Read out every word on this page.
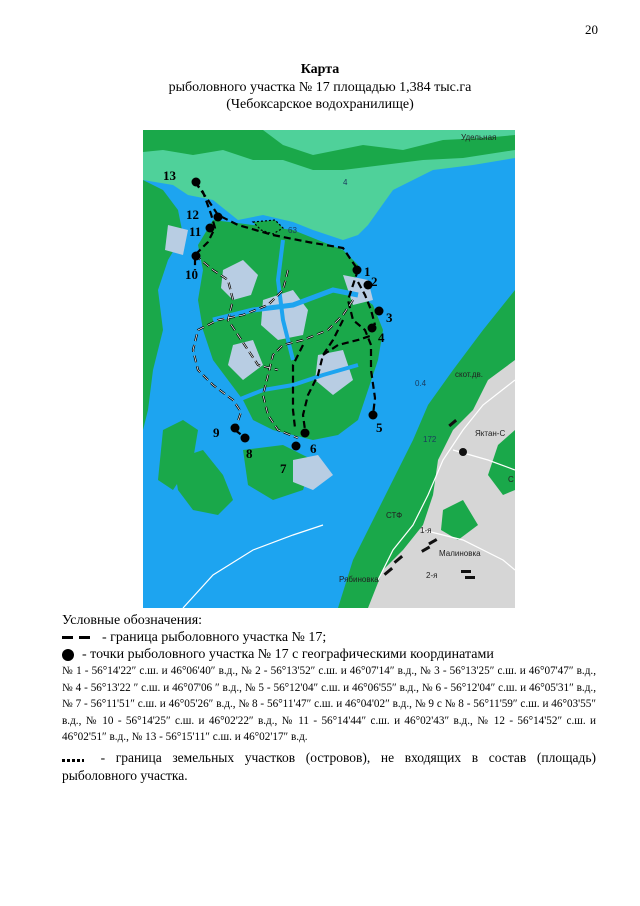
20
Карта
рыболовного участка № 17 площадью 1,384 тыс.га
(Чебоксарское водохранилище)
1
2
3
4
5
6
7
8
9
10
11
12
13
Удельная
скот.дв.
Яктан-С
С
СТФ
1-я
Малиновка
2-я
Рябиновка
63
0.4
172
4
Условные обозначения:
- граница рыболовного участка № 17;
- точки рыболовного участка № 17 с географическими координатами
№ 1 - 56°14'22″ с.ш. и 46°06'40″ в.д., № 2 - 56°13'52″ с.ш. и 46°07'14″ в.д., № 3 - 56°13'25″ с.ш. и 46°07'47″ в.д., № 4 - 56°13'22 ″ с.ш. и 46°07'06 ″ в.д., № 5 - 56°12'04″ с.ш. и 46°06'55″ в.д., № 6 - 56°12'04″ с.ш. и 46°05'31″ в.д., № 7 - 56°11'51″ с.ш. и 46°05'26″ в.д., № 8 - 56°11'47″ с.ш. и 46°04'02″ в.д., № 9 с № 8 - 56°11'59″ с.ш. и 46°03'55″ в.д., № 10 - 56°14'25″ с.ш. и 46°02'22″ в.д., № 11 - 56°14'44″ с.ш. и 46°02'43″ в.д., № 12 - 56°14'52″ с.ш. и 46°02'51″ в.д., № 13 - 56°15'11″ с.ш. и 46°02'17″ в.д.
- граница земельных участков (островов), не входящих в состав (площадь) рыболовного участка.
